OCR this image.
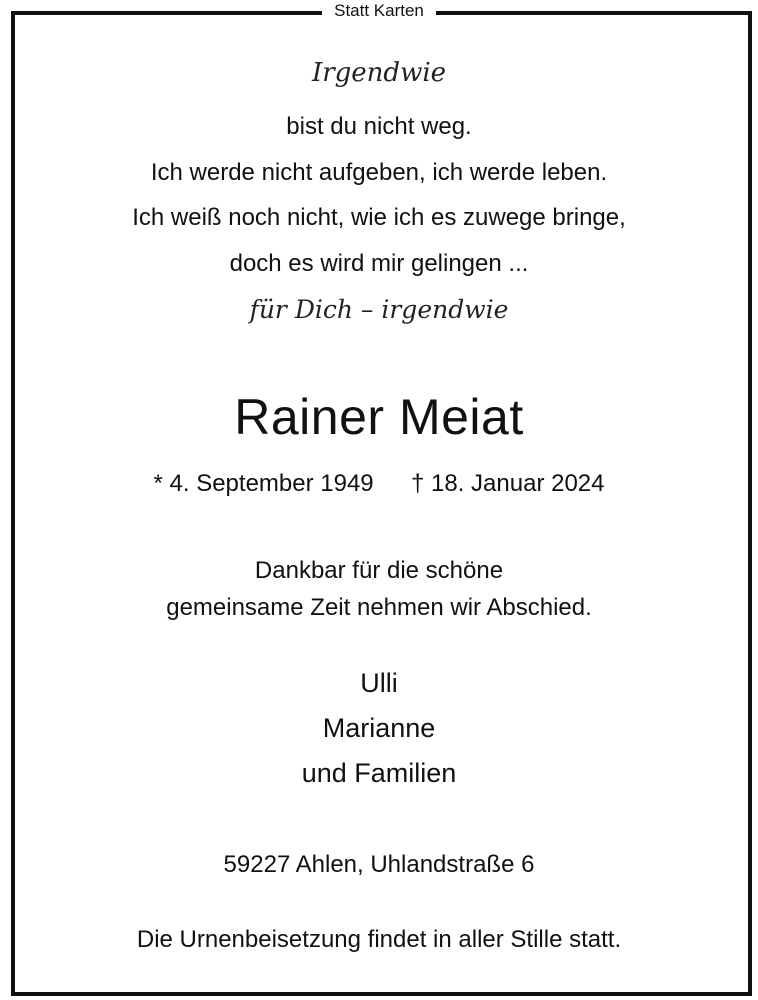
Statt Karten
Irgendwie
bist du nicht weg.
Ich werde nicht aufgeben, ich werde leben.
Ich weiß noch nicht, wie ich es zuwege bringe,
doch es wird mir gelingen ...
für Dich – irgendwie
Rainer Meiat
* 4. September 1949 † 18. Januar 2024
Dankbar für die schöne
gemeinsame Zeit nehmen wir Abschied.
Ulli
Marianne
und Familien
59227 Ahlen, Uhlandstraße 6
Die Urnenbeisetzung findet in aller Stille statt.
